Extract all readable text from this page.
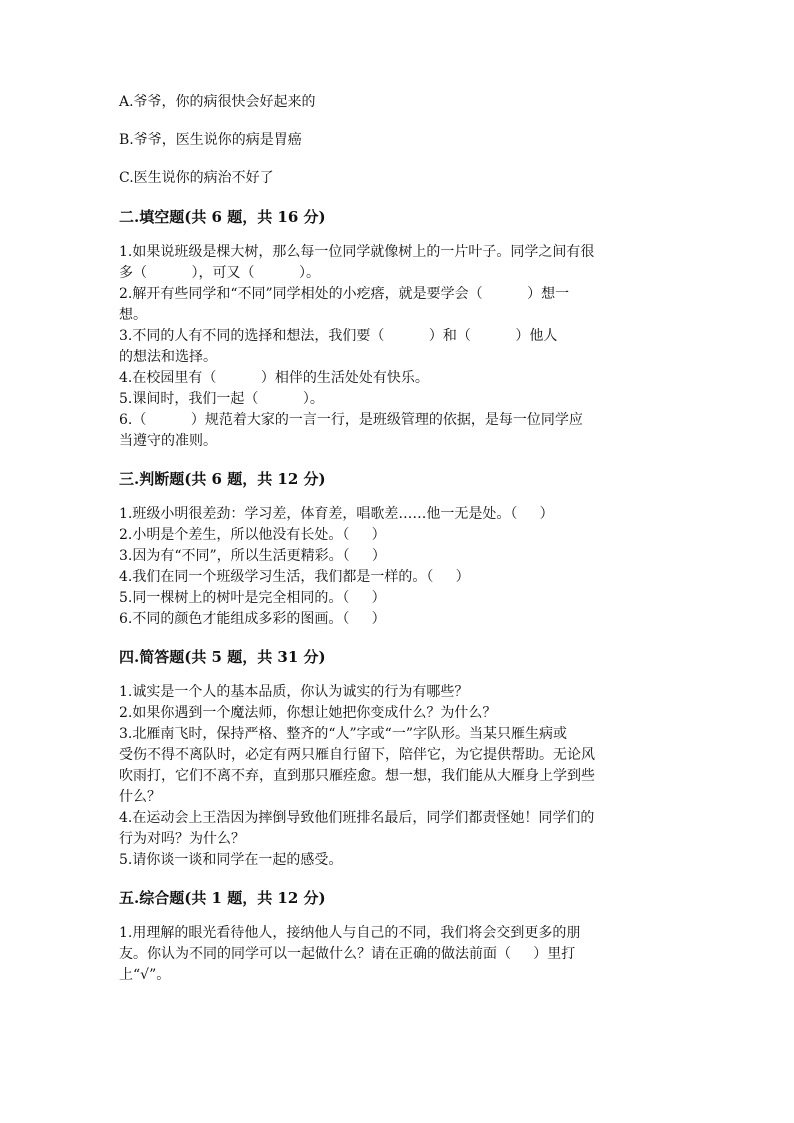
A.爷爷，你的病很快会好起来的

B.爷爷，医生说你的病是胃癌

C.医生说你的病治不好了

二.填空题(共 6 题，共 16 分)

1.如果说班级是棵大树，那么每一位同学就像树上的一片叶子。同学之间有很
多（          ），可又（          ）。

2.解开有些同学和“不同”同学相处的小疙瘩，就是要学会（          ）想一
想。

3.不同的人有不同的选择和想法，我们要（          ）和（          ）他人
的想法和选择。

4.在校园里有（          ）相伴的生活处处有快乐。

5.课间时，我们一起（          ）。

6.（          ）规范着大家的一言一行，是班级管理的依据，是每一位同学应
当遵守的准则。

三.判断题(共 6 题，共 12 分)

1.班级小明很差劲：学习差，体育差，唱歌差……他一无是处。（     ）

2.小明是个差生，所以他没有长处。（     ）

3.因为有“不同”，所以生活更精彩。（     ）

4.我们在同一个班级学习生活，我们都是一样的。（     ）

5.同一棵树上的树叶是完全相同的。（     ）

6.不同的颜色才能组成多彩的图画。（     ）

四.简答题(共 5 题，共 31 分)

1.诚实是一个人的基本品质，你认为诚实的行为有哪些？

2.如果你遇到一个魔法师，你想让她把你变成什么？为什么？

3.北雁南飞时，保持严格、整齐的“人”字或“一”字队形。当某只雁生病或
受伤不得不离队时，必定有两只雁自行留下，陪伴它，为它提供帮助。无论风
吹雨打，它们不离不弃，直到那只雁痊愈。想一想，我们能从大雁身上学到些
什么？

4.在运动会上王浩因为摔倒导致他们班排名最后，同学们都责怪她！同学们的
行为对吗？为什么？

5.请你谈一谈和同学在一起的感受。

五.综合题(共 1 题，共 12 分)

1.用理解的眼光看待他人，接纳他人与自己的不同，我们将会交到更多的朋
友。你认为不同的同学可以一起做什么？请在正确的做法前面（     ）里打
上“√”。
